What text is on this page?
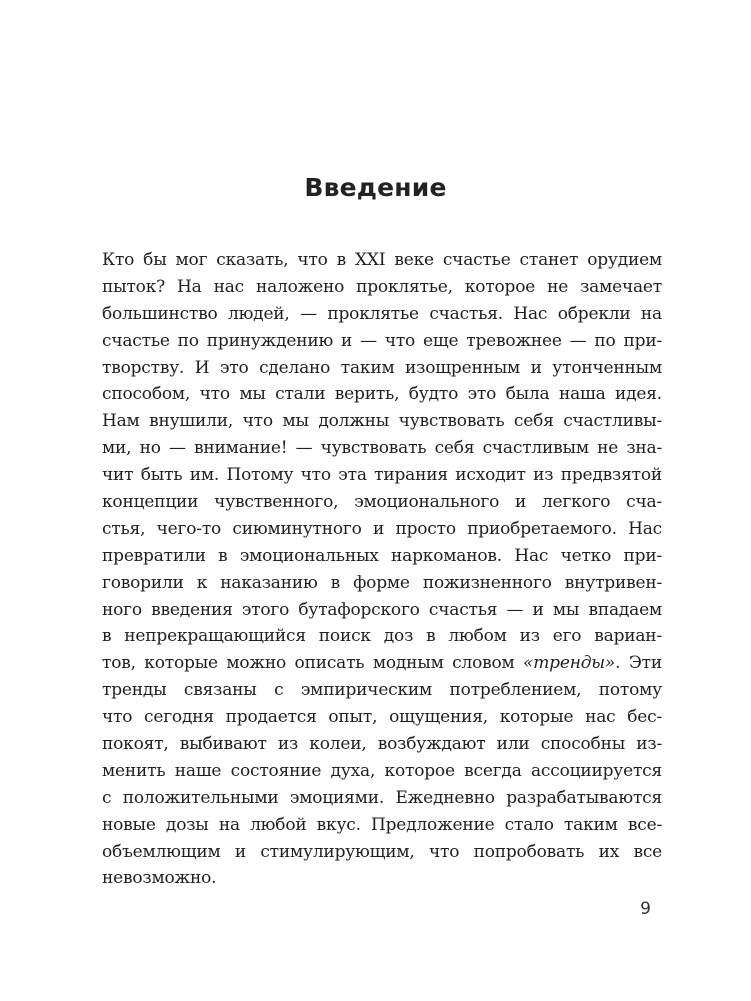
Введение
Кто бы мог сказать, что в XXI веке счастье станет орудием
пыток? На нас наложено проклятье, которое не замечает
большинство людей, — проклятье счастья. Нас обрекли на
счастье по принуждению и — что еще тревожнее — по при-
творству. И это сделано таким изощренным и утонченным
способом, что мы стали верить, будто это была наша идея.
Нам внушили, что мы должны чувствовать себя счастливы-
ми, но — внимание! — чувствовать себя счастливым не зна-
чит быть им. Потому что эта тирания исходит из предвзятой
концепции чувственного, эмоционального и легкого сча-
стья, чего-то сиюминутного и просто приобретаемого. Нас
превратили в эмоциональных наркоманов. Нас четко при-
говорили к наказанию в форме пожизненного внутривен-
ного введения этого бутафорского счастья — и мы впадаем
в непрекращающийся поиск доз в любом из его вариан-
тов, которые можно описать модным словом «тренды». Эти
тренды связаны с эмпирическим потреблением, потому
что сегодня продается опыт, ощущения, которые нас бес-
покоят, выбивают из колеи, возбуждают или способны из-
менить наше состояние духа, которое всегда ассоциируется
с положительными эмоциями. Ежедневно разрабатываются
новые дозы на любой вкус. Предложение стало таким все-
объемлющим и стимулирующим, что попробовать их все
невозможно.
9
